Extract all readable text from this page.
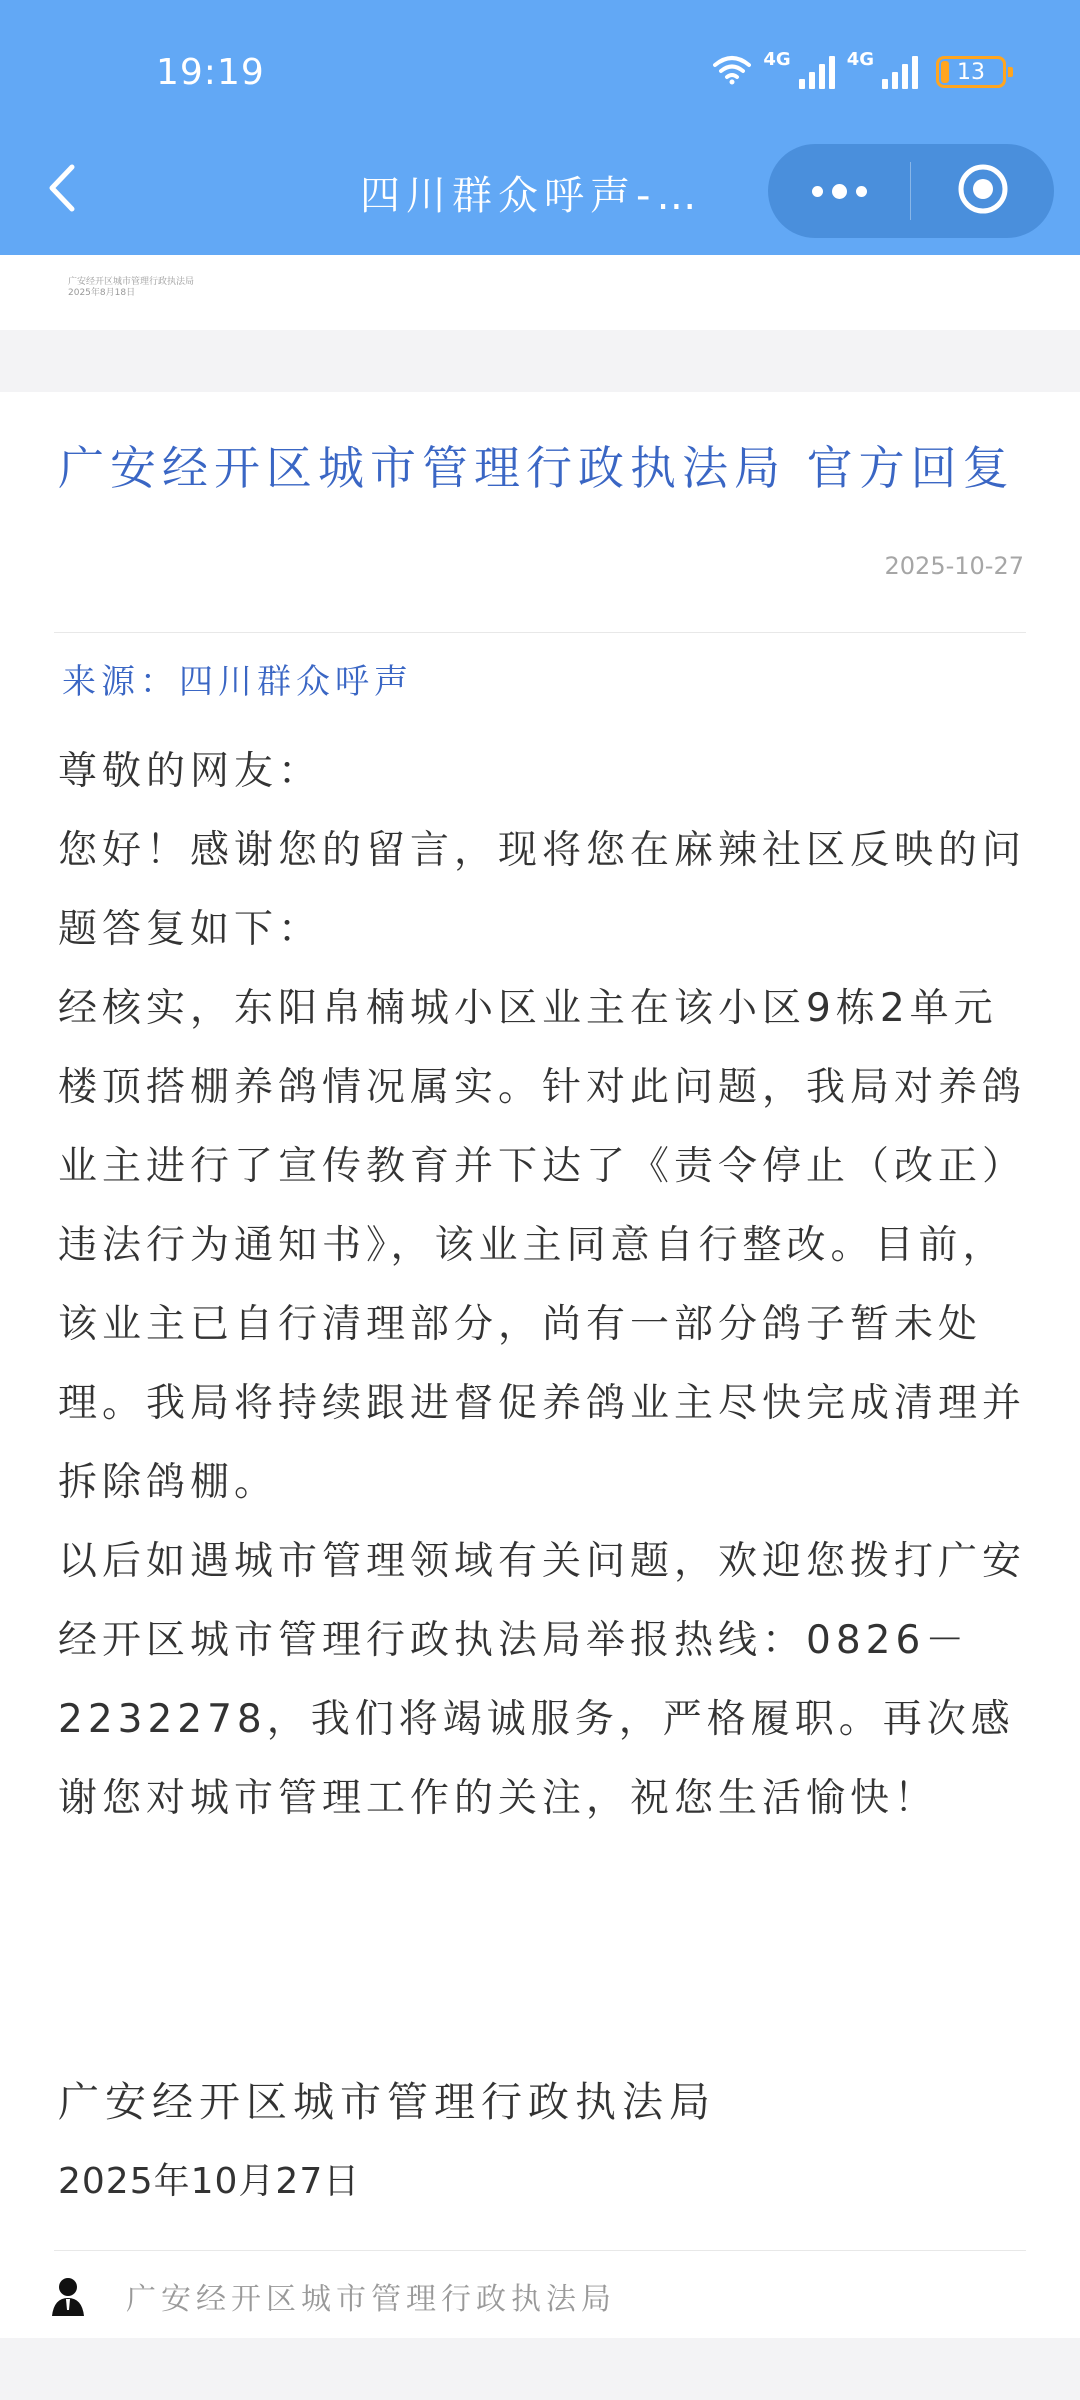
19:19	4G	4G	13
四川群众呼声-…
广安经开区城市管理行政执法局
2025年8月18日
广安经开区城市管理行政执法局 官方回复
2025-10-27
来源：四川群众呼声

尊敬的网友：

您好！感谢您的留言，现将您在麻辣社区反映的问题答复如下：

经核实，东阳帛楠城小区业主在该小区9栋2单元楼顶搭棚养鸽情况属实。针对此问题，我局对养鸽业主进行了宣传教育并下达了《责令停止（改正）违法行为通知书》，该业主同意自行整改。目前，该业主已自行清理部分，尚有一部分鸽子暂未处理。我局将持续跟进督促养鸽业主尽快完成清理并拆除鸽棚。

以后如遇城市管理领域有关问题，欢迎您拨打广安经开区城市管理行政执法局举报热线：0826－2232278，我们将竭诚服务，严格履职。再次感谢您对城市管理工作的关注，祝您生活愉快！

广安经开区城市管理行政执法局

2025年10月27日

广安经开区城市管理行政执法局
